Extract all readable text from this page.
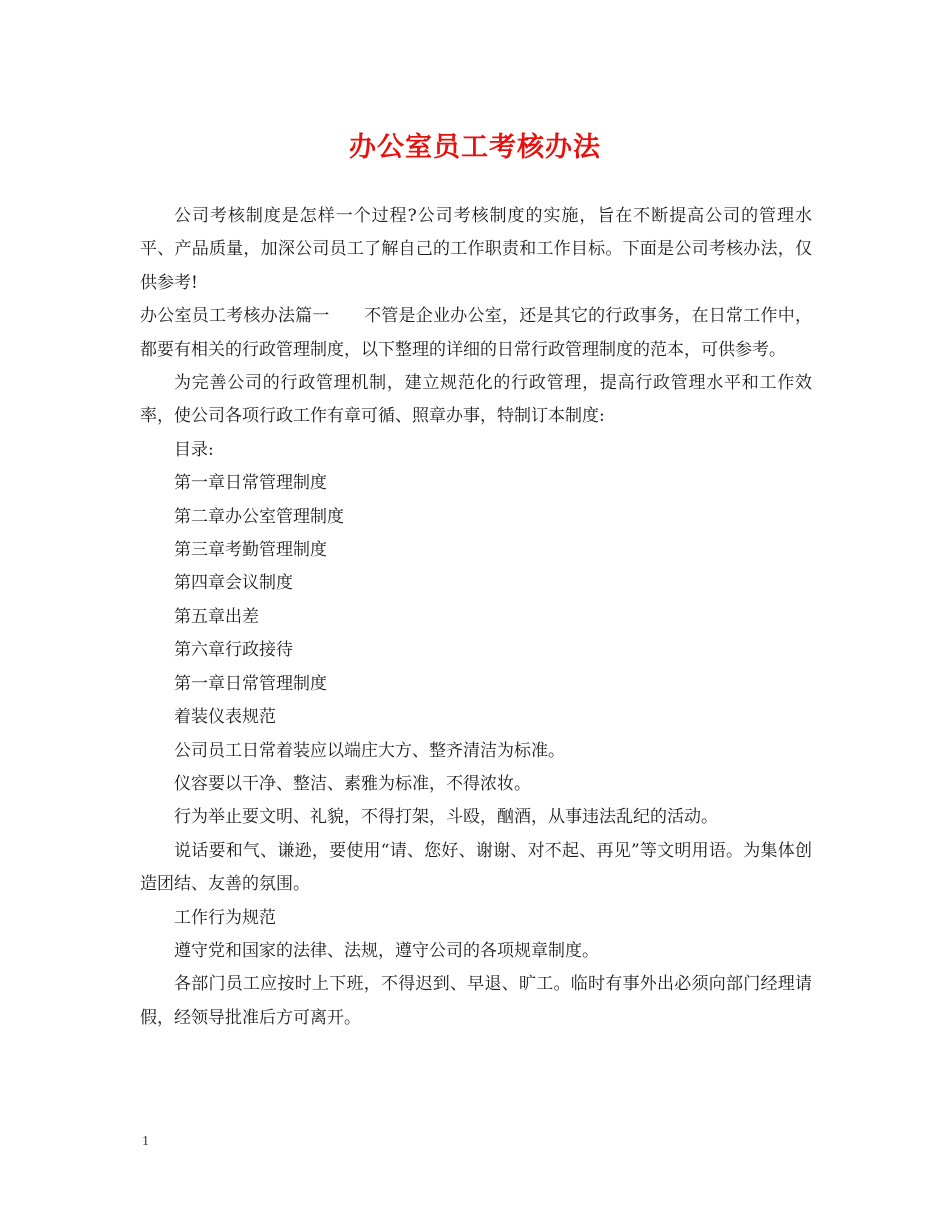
办公室员工考核办法

公司考核制度是怎样一个过程?公司考核制度的实施，旨在不断提高公司的管理水平、产品质量，加深公司员工了解自己的工作职责和工作目标。下面是公司考核办法，仅供参考!

办公室员工考核办法篇一　　不管是企业办公室，还是其它的行政事务，在日常工作中，都要有相关的行政管理制度，以下整理的详细的日常行政管理制度的范本，可供参考。

为完善公司的行政管理机制，建立规范化的行政管理，提高行政管理水平和工作效率，使公司各项行政工作有章可循、照章办事，特制订本制度:

目录:

第一章日常管理制度

第二章办公室管理制度

第三章考勤管理制度

第四章会议制度

第五章出差

第六章行政接待

第一章日常管理制度

着装仪表规范

公司员工日常着装应以端庄大方、整齐清洁为标准。

仪容要以干净、整洁、素雅为标准，不得浓妆。

行为举止要文明、礼貌，不得打架，斗殴，酗酒，从事违法乱纪的活动。

说话要和气、谦逊，要使用“请、您好、谢谢、对不起、再见”等文明用语。为集体创造团结、友善的氛围。

工作行为规范

遵守党和国家的法律、法规，遵守公司的各项规章制度。

各部门员工应按时上下班，不得迟到、早退、旷工。临时有事外出必须向部门经理请假，经领导批准后方可离开。

1
